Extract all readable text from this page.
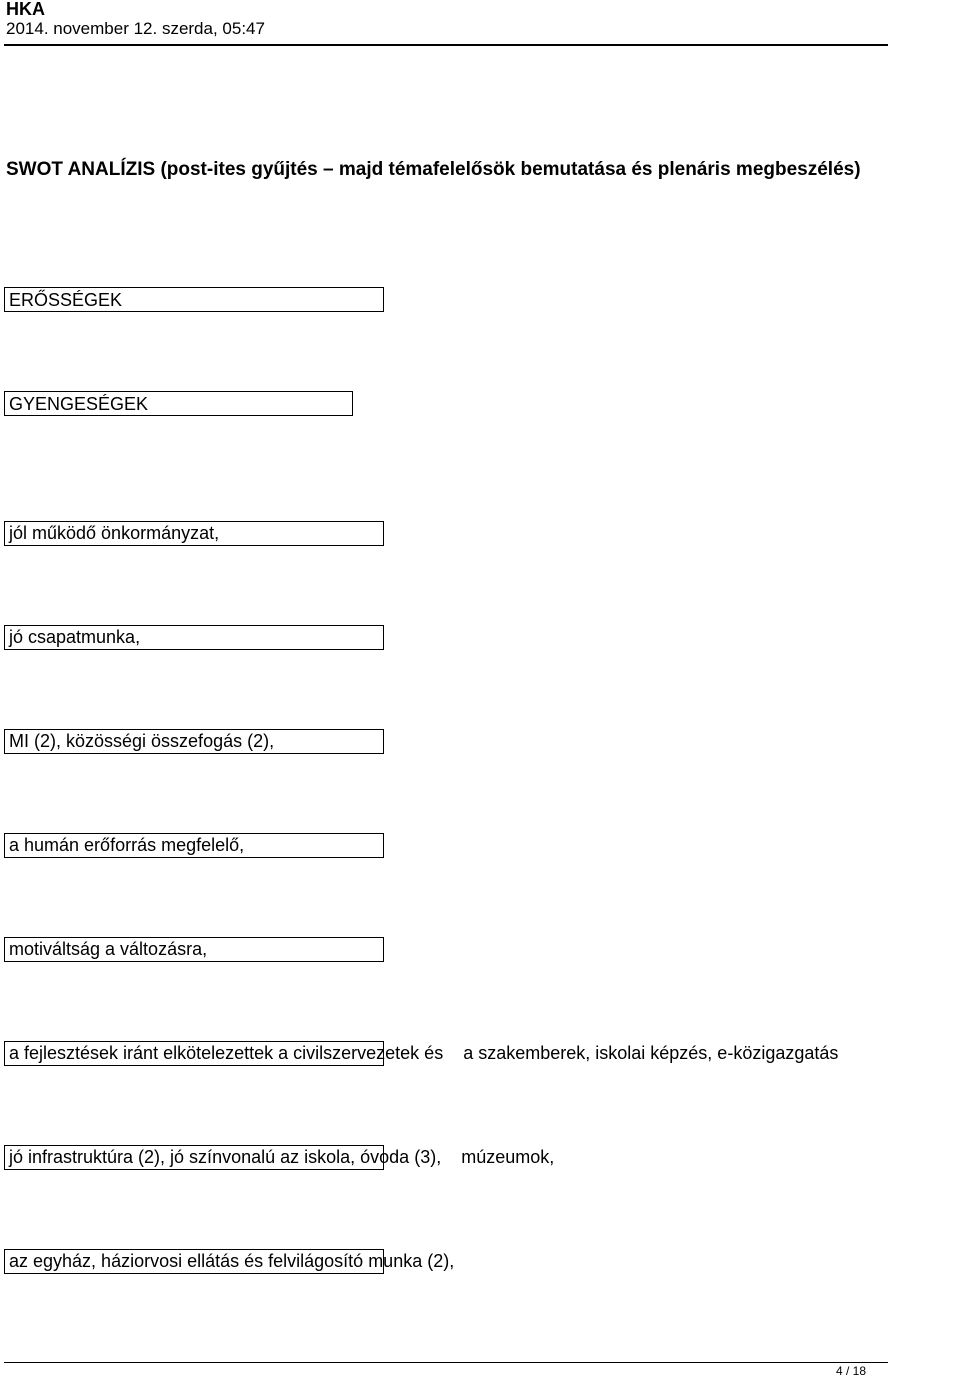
HKA
2014. november 12. szerda, 05:47
SWOT ANALÍZIS (post-ites gyűjtés – majd témafelelősök bemutatása és plenáris megbeszélés)
ERŐSSÉGEK
GYENGESÉGEK
jól működő önkormányzat,
jó csapatmunka,
MI (2), közösségi összefogás (2),
a humán erőforrás megfelelő,
motiváltság a változásra,
a fejlesztések iránt elkötelezettek a civilszervezetek és    a szakemberek, iskolai képzés, e-közigazgatás
jó infrastruktúra (2), jó színvonalú az iskola, óvoda (3),    múzeumok,
az egyház, háziorvosi ellátás és felvilágosító munka (2),
4 / 18
